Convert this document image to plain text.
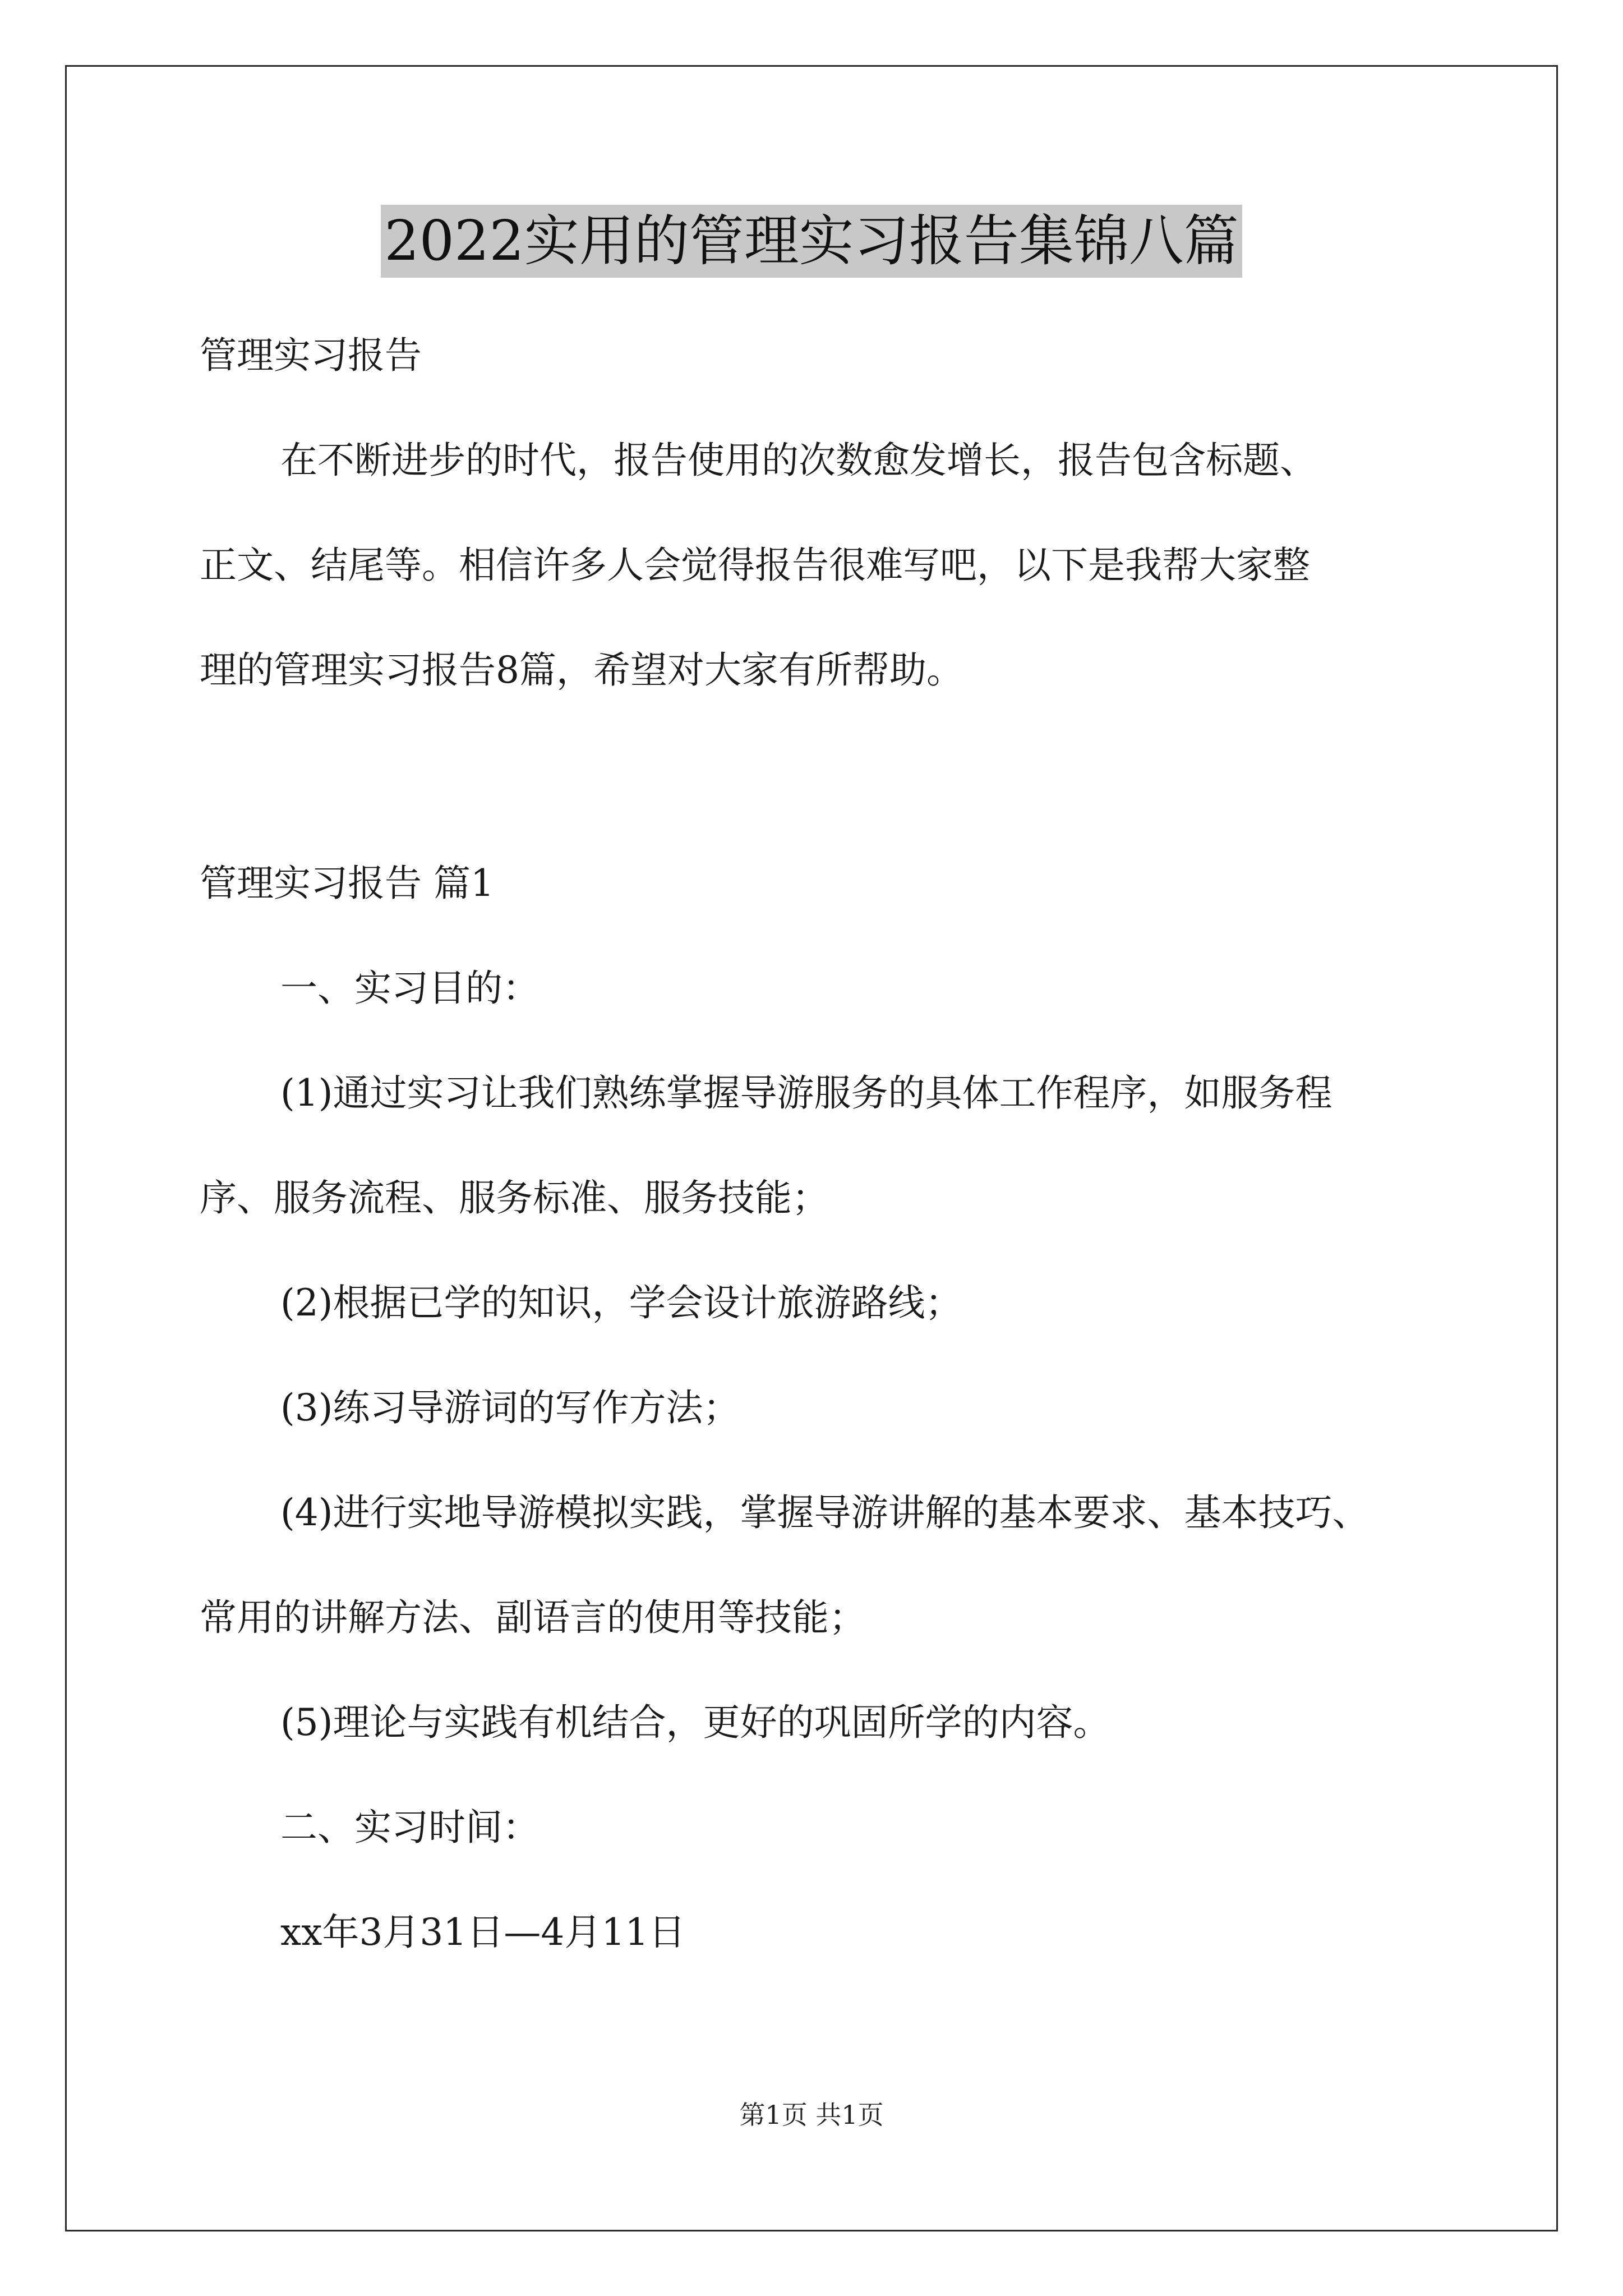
2022实用的管理实习报告集锦八篇

管理实习报告

在不断进步的时代，报告使用的次数愈发增长，报告包含标题、

正文、结尾等。相信许多人会觉得报告很难写吧，以下是我帮大家整

理的管理实习报告8篇，希望对大家有所帮助。

管理实习报告 篇1

一、实习目的：

(1)通过实习让我们熟练掌握导游服务的具体工作程序，如服务程

序、服务流程、服务标准、服务技能；

(2)根据已学的知识，学会设计旅游路线；

(3)练习导游词的写作方法；

(4)进行实地导游模拟实践，掌握导游讲解的基本要求、基本技巧、

常用的讲解方法、副语言的使用等技能；

(5)理论与实践有机结合，更好的巩固所学的内容。

二、实习时间：

xx年3月31日—4月11日

第1页 共1页
